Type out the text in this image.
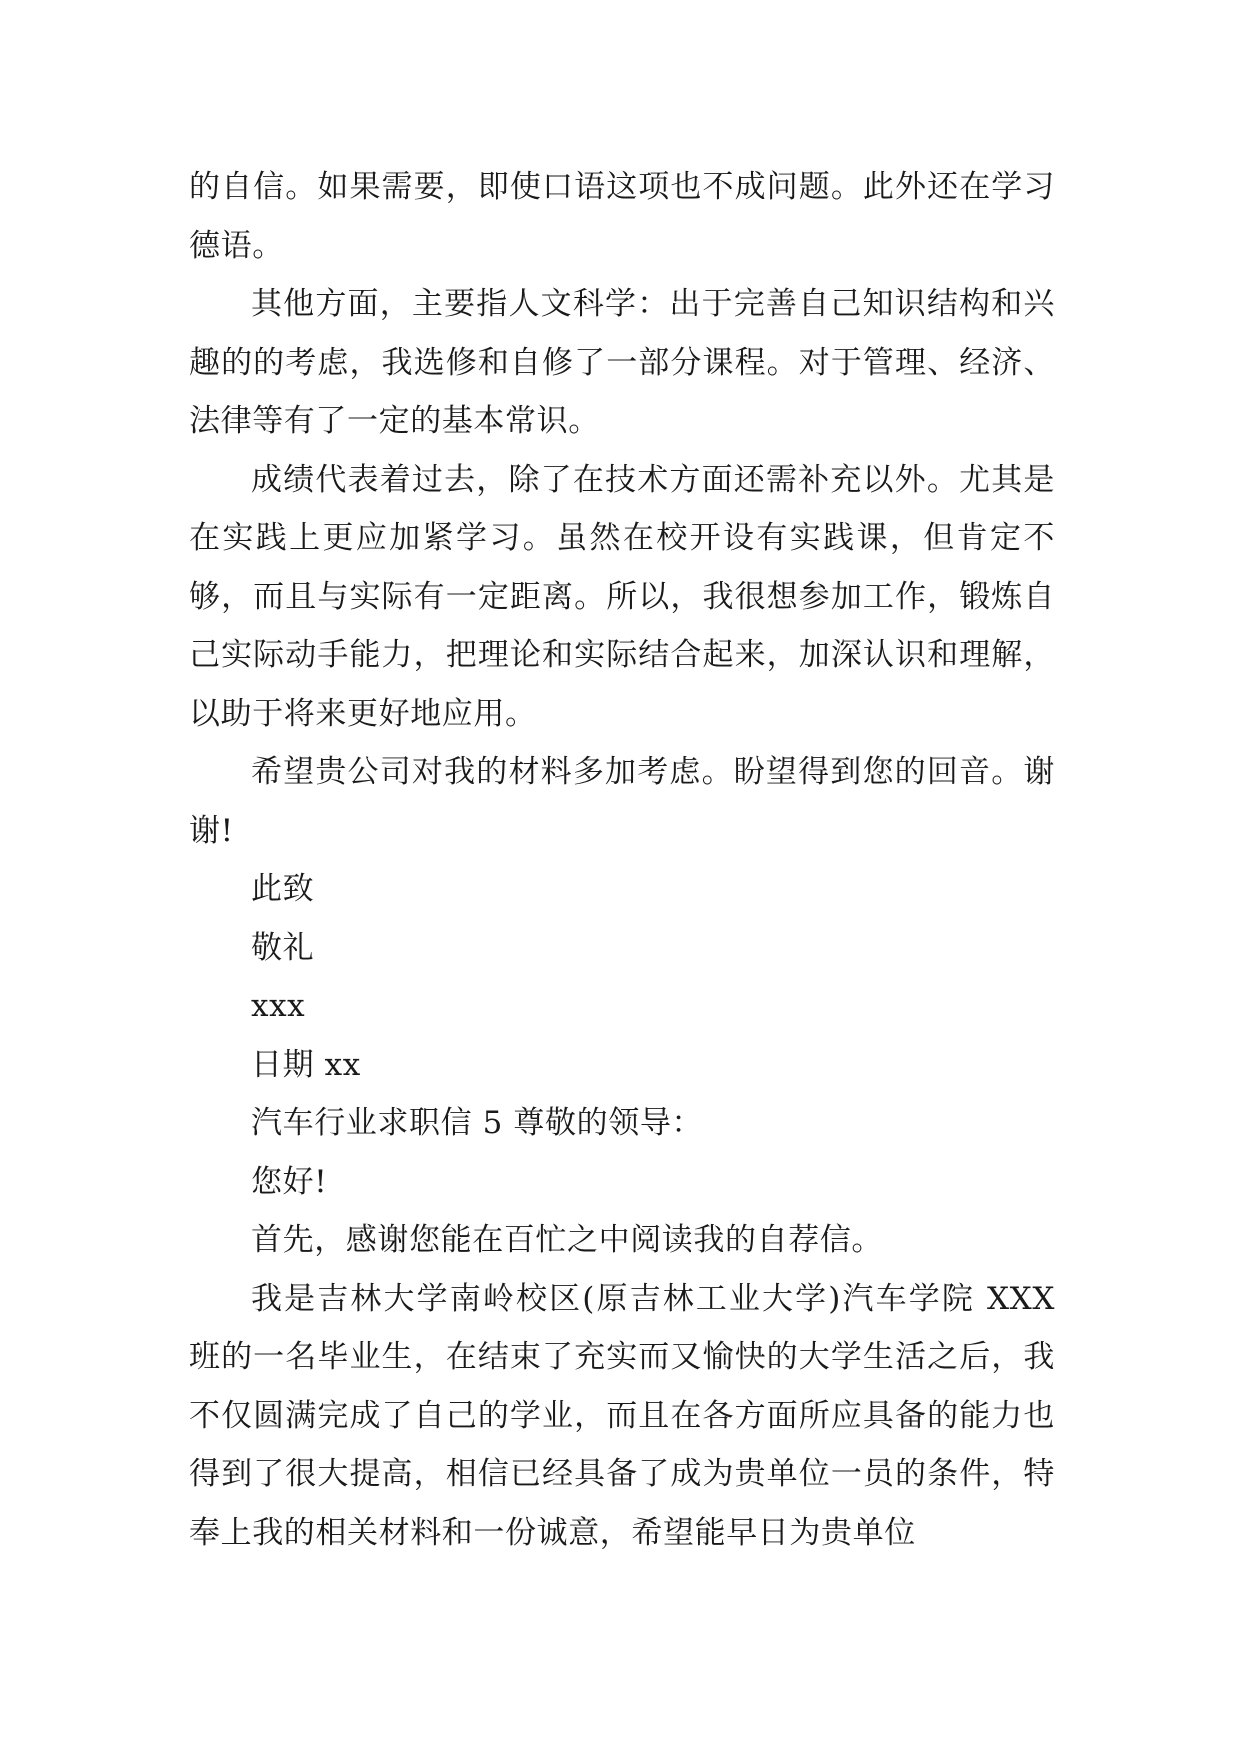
的自信。如果需要，即使口语这项也不成问题。此外还在学习德语。

其他方面，主要指人文科学：出于完善自己知识结构和兴趣的的考虑，我选修和自修了一部分课程。对于管理、经济、法律等有了一定的基本常识。

成绩代表着过去，除了在技术方面还需补充以外。尤其是在实践上更应加紧学习。虽然在校开设有实践课，但肯定不够，而且与实际有一定距离。所以，我很想参加工作，锻炼自己实际动手能力，把理论和实际结合起来，加深认识和理解，以助于将来更好地应用。

希望贵公司对我的材料多加考虑。盼望得到您的回音。谢谢!

此致

敬礼

xxx

日期 xx

汽车行业求职信 5 尊敬的领导：

您好!

首先，感谢您能在百忙之中阅读我的自荐信。

我是吉林大学南岭校区(原吉林工业大学)汽车学院 XXX 班的一名毕业生，在结束了充实而又愉快的大学生活之后，我不仅圆满完成了自己的学业，而且在各方面所应具备的能力也得到了很大提高，相信已经具备了成为贵单位一员的条件，特奉上我的相关材料和一份诚意，希望能早日为贵单位
